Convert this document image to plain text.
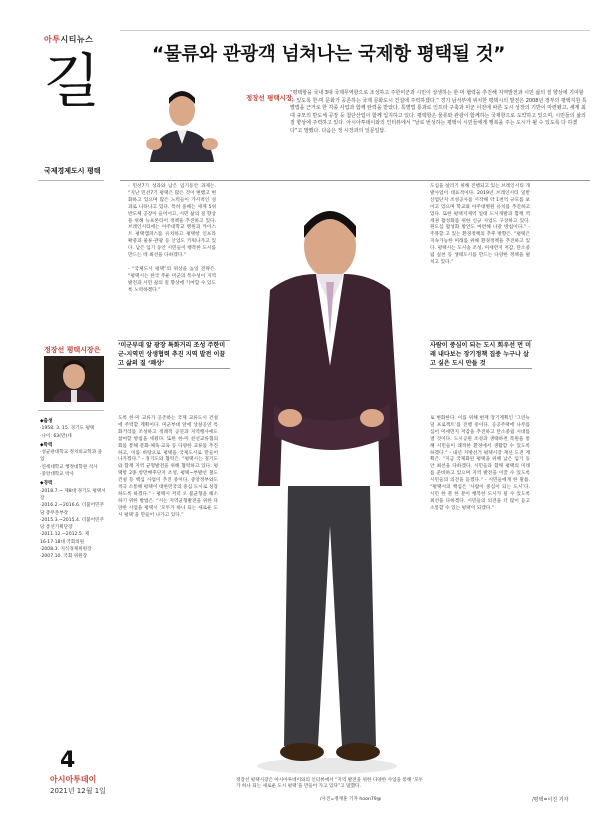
아투시티뉴스
길
국제경제도시 평택
정장선 평택시장은
◆출생
·1958. 3. 15. 경기도 평택
·나이: 63(만)세
◆학력
·성균관대학교 정치외교학과 졸업
·연세대학교 행정대학원 석사
·중앙대학교 박사
◆경력
·2018.7.~ 제8대 경기도 평택시장
·2016.2.~2016.6. 더불어민주당 총무본부장
·2015.3.~2015.4. 더불어민주당 총선기획단장
·2011.12.~2012.5. 제16·17·18대 국회의원
·2008.3. 지식경제위원장
·2007.10. 국회 위원장
4
아시아투데이
2021년 12월 1일
“물류와 관광객 넘쳐나는 국제항 평택될 것”
정장선 평택시장
“평택항을 국내 3대 국제무역항으로 조성하고 주한미군과 시민이 상생하는 한·미 협력을 추진해 지역발전과 시민 삶의 질 향상에 기여할 수 있도록 한·미 문화가 공존하는 국제 문화도시 건설에 주력하겠다.” 경기 남서부에 위치한 평택시의 발전은 2008년 정부의 평택지원 특별법을 근거로 한 각종 사업과 함께 탄력을 받았다. 특별법 통과로 인프라 구축과 미군 이전에 따른 도시 성장의 기반이 마련됐고, 세계 최대 규모의 반도체 공장 등 첨단산업이 함께 입지하고 있다. 평택항은 물류와 관광이 함께하는 국제항으로 도약하고 있으며, 시민들의 삶의 질 향상에 주력하고 있다. 아시아투데이와의 인터뷰에서 “날로 번성하는 평택이 시민들에게 행복을 주는 도시가 될 수 있도록 다 하겠다”고 말했다. 다음은 정 시장과의 일문일답.
- 민선7기 성과와 남은 임기동안 과제는. “지난 민선7기 평택은 많은 것이 변했고 변화하고 있으며 많은 노력들이 가시적인 성과로 나타나고 있다. 특히 올해는 세계 5위 반도체 공장이 들어서고, 시민 삶의 질 향상을 위해 뉴프론티어 정책을 추진하고 있다. 브레인시티에는 아주대학교 병원과 카이스트 평택캠퍼스를 유치하고 평택항 인프라 확충과 물류·관광 등 산업도 키워나가고 있다. 남은 임기 동안 시민들이 행복한 도시를 만드는 데 최선을 다하겠다.”

- “국제도시 평택”의 위상을 높일 전략은. “평택시는 한국 주둔 미군의 특수성이 지역발전과 시민 삶의 질 향상에 기여할 수 있도록 노력하겠다.”
‘미군부대 앞 광장 특화거리 조성 주한미군-지역민 상생협력 추진 지역 발전 이끌고 삶의 질 ‘쾌상’
도록 한·미 교류가 공존하는 국제 교류도시 건설에 주력할 계획이다. 미군부대 앞에 상설공연 특화거리를 조성하고 정례적 공연과 지역행사에도 참여할 방침을 세웠다. 또한 한·미 친선교류협의회를 통해 문화·체육·교육 등 다양한 교류를 추진하고, 이를 바탕으로 평택을 국제도시로 만들어 나가겠다.” - 경기도와 협력은. “평택시는 경기도와 함께 지역 균형발전을 위해 협력하고 있다. 평택항 2종 항만배후단지 조성, 평택~부발선 철도 건설 등 핵심 사업이 추진 중이다. 중앙정부와도 적극 소통해 평택이 대한민국의 중심 도시로 성장하도록 하겠다.” - 평택시 저녁 오 불균형을 해소하기 위한 방법은. “시는 지역균형발전을 위한 다양한 사업을 평택시 ‘모두가 하나 되는 새로운 도시 평택’을 만들어 나가고 있다.”
정장선 평택시장은 아시아투데이와의 인터뷰에서 “지역 발전을 위한 다양한 사업을 통해 ‘모두가 하나 되는 새로운 도시 평택’을 만들어 가고 있다”고 말했다.
/사진=정재훈 기자 hoon79@
도심을 살리기 위해 진행되고 있는 브레인시티 개발사업이 대표적이다. 2019년 브레인시티 일반산업단지 조성공사를 시작해 약 1천억 규모를 보이고 있으며 학교와 아주대병원 유치를 추진하고 있다. 또한 평택지제역 일대 도시개발과 함께 역세권 활성화를 위한 신규 사업도 구상하고 있다. 원도심 활성화 방안도 마련해 나갈 방침이다.” - 주목할 고 있는 환경정책의 추후 방향은. “평택은 지속가능한 미래를 위해 환경정책을 추진하고 있다. 평택시는 도시숲 조성, 미세먼지 저감, 탄소중립 실천 등 생태도시를 만드는 다양한 정책을 펼치고 있다.”
사람이 중심이 되는 도시 회우선 먼 미래 내다보는 장기정책 집중 누구나 살고 싶은 도시 만들 것
로 변화한다. 이를 위해 현재 장기계획인 ‘그린뉴딜 프로젝트’를 진행 중이다. 공공주택에 나무를 심어 미세먼지 저감을 추진하고 탄소중립 시대를 열 것이다. 도시공원 조성과 생태하천 복원을 통해 시민들이 쾌적한 환경에서 생활할 수 있도록 하겠다.” - 내년 지방선거 평택시장 재선 도전 계획은. “지금 국제화된 평택을 위해 남은 임기 동안 최선을 다하겠다. 시민들과 함께 평택의 미래를 준비하고 있으며 지역 발전을 이끌 수 있도록 시민들의 의견을 듣겠다.” - 시민들에게 한 말씀. “평택시의 핵심은 ‘사람이 중심이 되는 도시’다. 시민 한 분 한 분이 행복한 도시가 될 수 있도록 최선을 다하겠다. 시민들의 의견을 더 많이 듣고 소통할 수 있는 평택이 되겠다.”
/평택=이진 기자
